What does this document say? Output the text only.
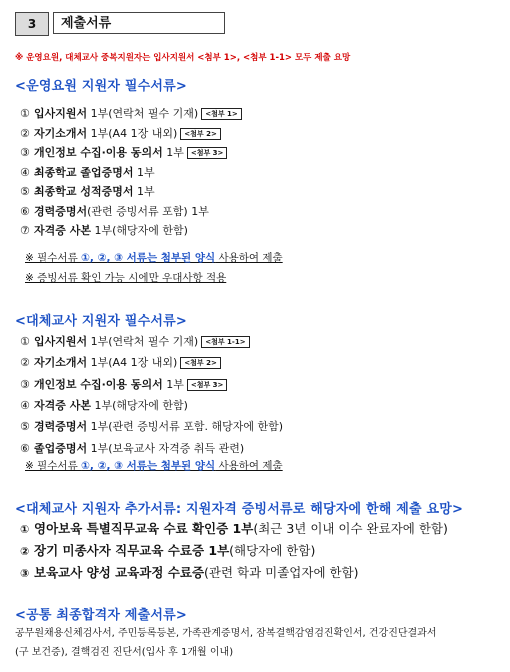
3	제출서류
※ 운영요원, 대체교사 중복지원자는 입사지원서 <첨부 1>, <첨부 1-1> 모두 제출 요망
<운영요원 지원자 필수서류>
① 입사지원서 1부(연락처 필수 기재) <첨부 1>
② 자기소개서 1부(A4 1장 내외) <첨부 2>
③ 개인정보 수집·이용 동의서 1부 <첨부 3>
④ 최종학교 졸업증명서 1부
⑤ 최종학교 성적증명서 1부
⑥ 경력증명서(관련 증빙서류 포함) 1부
⑦ 자격증 사본 1부(해당자에 한함)
※ 필수서류 ①, ②, ③ 서류는 첨부된 양식 사용하여 제출
※ 증빙서류 확인 가능 시에만 우대사항 적용
<대체교사 지원자 필수서류>
① 입사지원서 1부(연락처 필수 기재) <첨부 1-1>
② 자기소개서 1부(A4 1장 내외) <첨부 2>
③ 개인정보 수집·이용 동의서 1부 <첨부 3>
④ 자격증 사본 1부(해당자에 한함)
⑤ 경력증명서 1부(관련 증빙서류 포함. 해당자에 한함)
⑥ 졸업증명서 1부(보육교사 자격증 취득 관련)
※ 필수서류 ①, ②, ③ 서류는 첨부된 양식 사용하여 제출
<대체교사 지원자 추가서류: 지원자격 증빙서류로 해당자에 한해 제출 요망>
① 영아보육 특별직무교육 수료 확인증 1부(최근 3년 이내 이수 완료자에 한함)
② 장기 미종사자 직무교육 수료증 1부(해당자에 한함)
③ 보육교사 양성 교육과정 수료증(관련 학과 미졸업자에 한함)
<공통 최종합격자 제출서류>
공무원채용신체검사서, 주민등록등본, 가족관계증명서, 잠복결핵감염검진확인서, 건강진단결과서
(구 보건증), 결핵검진 진단서(입사 후 1개월 이내)
